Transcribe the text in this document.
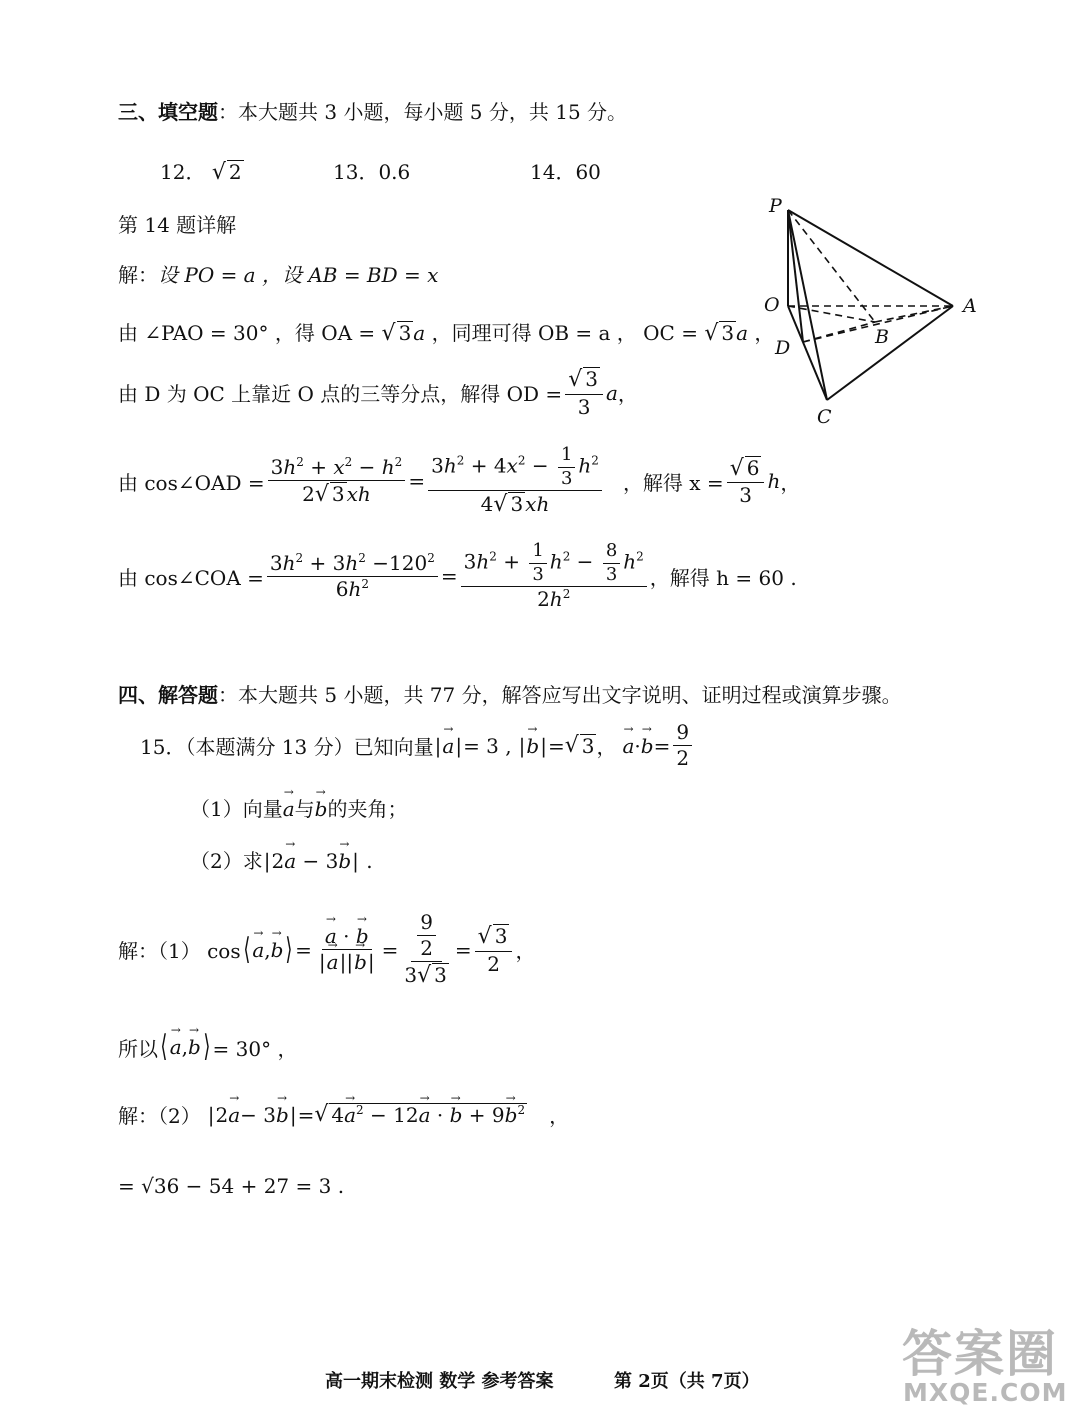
三、填空题：本大题共 3 小题，每小题 5 分，共 15 分。
12． √ 2	13．0.6	14．60
第 14 题详解
解：设 PO = a ，设 AB = BD = x
由 ∠PAO = 30° ，得 OA = √ 3 a ，同理可得 OB = a ， OC = √ 3 a ，
由 D 为 OC 上靠近 O 点的三等分点，解得 OD = $\frac{√ 3}{3}$ a ，
由 cos∠OAD = $\frac{3h^2 + x^2 - h^2}{2√ 3 xh} = \frac{3h^2 + 4x^2 - \frac{1}{3} h^2}{4√ 3 xh}$ ，解得 $x = \frac{√ 6}{3}$ h ，
由 cos∠COA = $\frac{3h^2 + 3h^2 -120^2}{6h^2} = \frac{3h^2 + \frac{1}{3} h^2 - \frac{8}{3} h^2}{2h^2}$ ，解得 h = 60 .
P
O	A
B
D
C
四、解答题：本大题共 5 小题，共 77 分，解答应写出文字说明、证明过程或演算步骤。
15．（本题满分 13 分）已知向量 | → a | = 3 , | → b | = √ 3 ， → a · → $b = \frac{9}{2}$
（1）向量→ a与→ b的夹角；
（2）求|2→ a − 3→ b| .
解：（1） cos ⟨ → a , → b ⟩ = → $\frac{a \cdot \to b}{|\to a||\to b|} = \frac{\frac{9}{2}}{3√ 3} = \frac{√ 3}{2}$ ，
所以 ⟨ → a , → b ⟩ = 30° ，
解：（2） | 2 → a − 3 → b | = √ $4\to a^2 - 12\to a$ · → $b + 9\to b^2$ ，
= √36 − 54 + 27 = 3 .
高一期末检测 数学 参考答案	第 2页（共 7页）	答案圈
MXQE.COM
